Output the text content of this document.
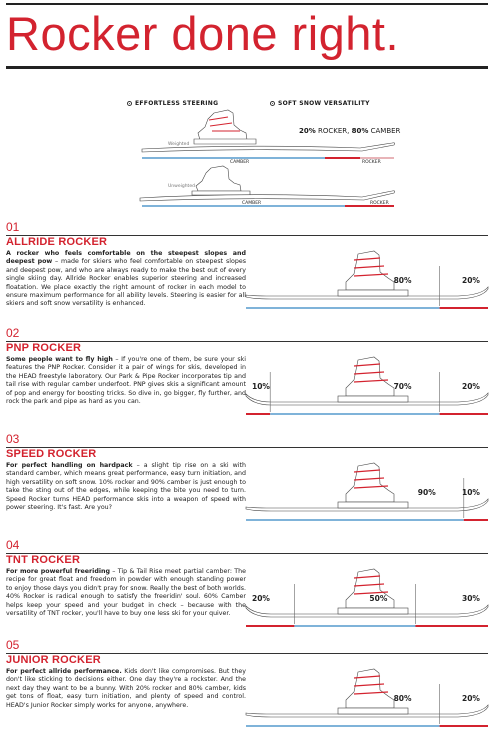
Rocker done right.
EFFORTLESS STEERING	SOFT SNOW VERSATILITY
20% ROCKER, 80% CAMBER
Weighted
Unweighted
CAMBER	ROCKER
CAMBER	ROCKER
01
ALLRIDE ROCKER
A rocker who feels comfortable on the steepest slopes and deepest pow – made for skiers who feel comfortable on steepest slopes and deepest pow, and who are always ready to make the best out of every single skiing day. Allride Rocker enables superior steering and increased floatation. We place exactly the right amount of rocker in each model to ensure maximum performance for all ability levels. Steering is easier for all skiers and soft snow versatility is enhanced.
80%	20%
02
PNP ROCKER
Some people want to fly high – If you're one of them, be sure your ski features the PNP Rocker. Consider it a pair of wings for skis, developed in the HEAD freestyle laboratory. Our Park & Pipe Rocker incorporates tip and tail rise with regular camber underfoot. PNP gives skis a significant amount of pop and energy for boosting tricks. So dive in, go bigger, fly further, and rock the park and pipe as hard as you can.
10%	70%	20%
03
SPEED ROCKER
For perfect handling on hardpack – a slight tip rise on a ski with standard camber, which means great performance, easy turn initiation, and high versatility on soft snow. 10% rocker and 90% camber is just enough to take the sting out of the edges, while keeping the bite you need to turn. Speed Rocker turns HEAD performance skis into a weapon of speed with power steering. It's fast. Are you?
90%	10%
04
TNT ROCKER
For more powerful freeriding – Tip & Tail Rise meet partial camber: The recipe for great float and freedom in powder with enough standing power to enjoy those days you didn't pray for snow. Really the best of both worlds. 40% Rocker is radical enough to satisfy the freeridin' soul. 60% Camber helps keep your speed and your budget in check – because with the versatility of TNT rocker, you'll have to buy one less ski for your quiver.
20%	50%	30%
05
JUNIOR ROCKER
For perfect allride performance. Kids don't like compromises. But they don't like sticking to decisions either. One day they're a rockster. And the next day they want to be a bunny. With 20% rocker and 80% camber, kids get tons of float, easy turn initiation, and plenty of speed and control. HEAD's Junior Rocker simply works for anyone, anywhere.
80%	20%
